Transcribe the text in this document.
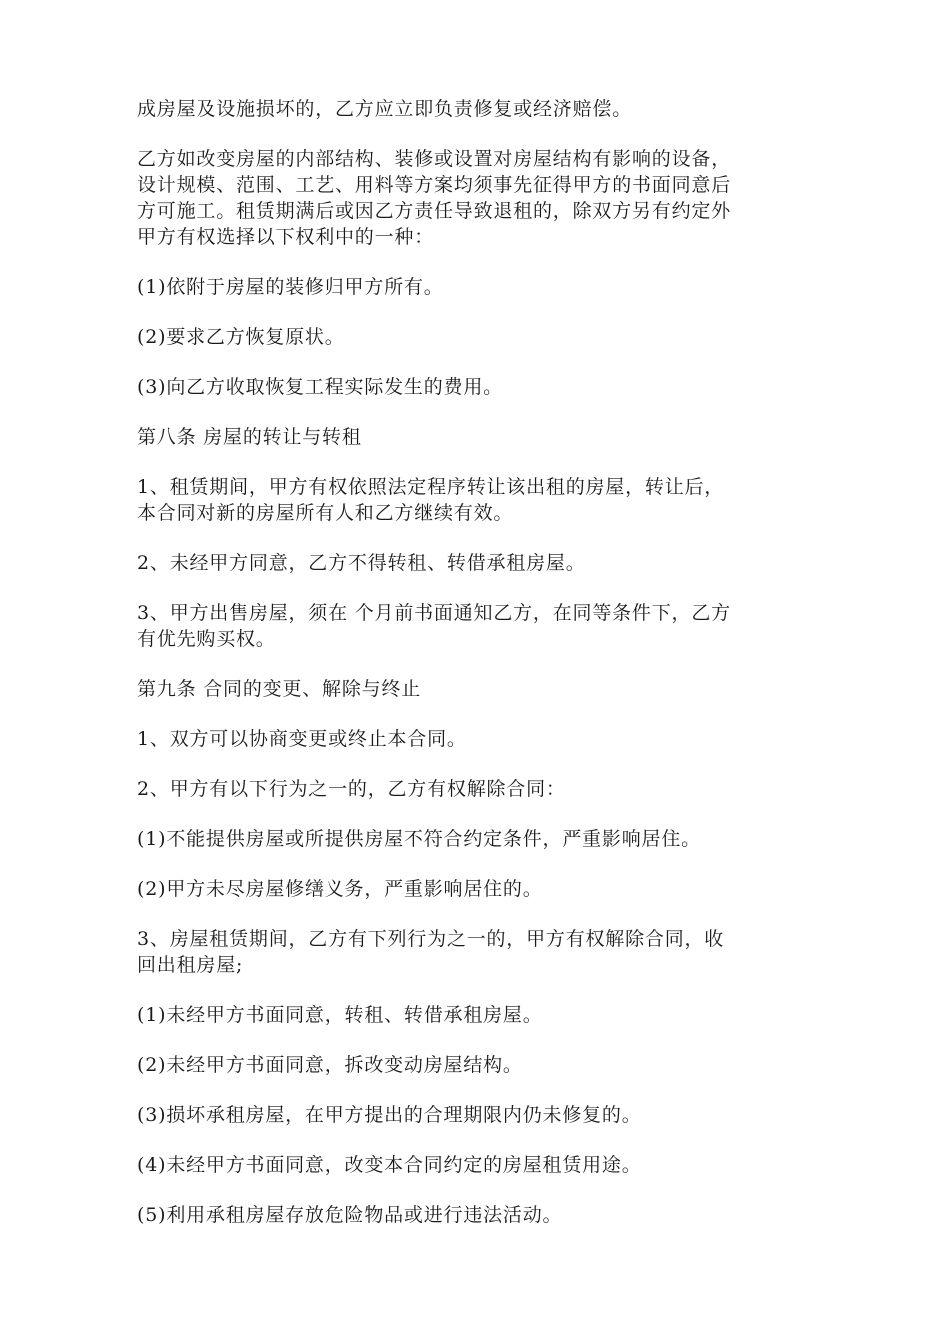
成房屋及设施损坏的，乙方应立即负责修复或经济赔偿。

乙方如改变房屋的内部结构、装修或设置对房屋结构有影响的设备，
设计规模、范围、工艺、用料等方案均须事先征得甲方的书面同意后
方可施工。租赁期满后或因乙方责任导致退租的，除双方另有约定外
甲方有权选择以下权利中的一种：

(1)依附于房屋的装修归甲方所有。

(2)要求乙方恢复原状。

(3)向乙方收取恢复工程实际发生的费用。

第八条 房屋的转让与转租

1、租赁期间，甲方有权依照法定程序转让该出租的房屋，转让后，
本合同对新的房屋所有人和乙方继续有效。

2、未经甲方同意，乙方不得转租、转借承租房屋。

3、甲方出售房屋，须在 个月前书面通知乙方，在同等条件下，乙方
有优先购买权。

第九条 合同的变更、解除与终止

1、双方可以协商变更或终止本合同。

2、甲方有以下行为之一的，乙方有权解除合同：

(1)不能提供房屋或所提供房屋不符合约定条件，严重影响居住。

(2)甲方未尽房屋修缮义务，严重影响居住的。

3、房屋租赁期间，乙方有下列行为之一的，甲方有权解除合同，收
回出租房屋;

(1)未经甲方书面同意，转租、转借承租房屋。

(2)未经甲方书面同意，拆改变动房屋结构。

(3)损坏承租房屋，在甲方提出的合理期限内仍未修复的。

(4)未经甲方书面同意，改变本合同约定的房屋租赁用途。

(5)利用承租房屋存放危险物品或进行违法活动。
